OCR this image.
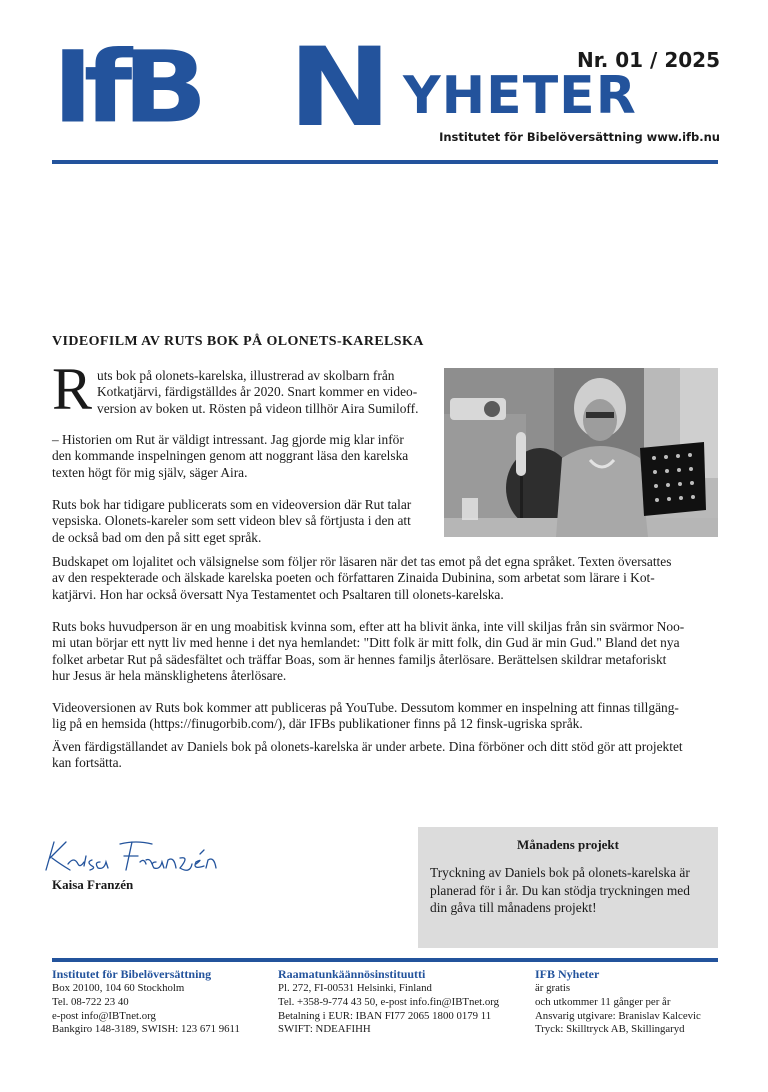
IfB N YHETER
Nr. 01 / 2025
Institutet för Bibelöversättning www.ifb.nu
VIDEOFILM AV RUTS BOK PÅ OLONETS-KARELSKA
R uts bok på olonets-karelska, illustrerad av skolbarn från
Kotkatjärvi, färdigställdes år 2020. Snart kommer en video-
version av boken ut. Rösten på videon tillhör Aira Sumiloff.
– Historien om Rut är väldigt intressant. Jag gjorde mig klar inför
den kommande inspelningen genom att noggrant läsa den karelska
texten högt för mig själv, säger Aira.
Ruts bok har tidigare publicerats som en videoversion där Rut talar
vepsiska. Olonets-kareler som sett videon blev så förtjusta i den att
de också bad om den på sitt eget språk.
Budskapet om lojalitet och välsignelse som följer rör läsaren när det tas emot på det egna språket. Texten översattes
av den respekterade och älskade karelska poeten och författaren Zinaida Dubinina, som arbetat som lärare i Kot-
katjärvi. Hon har också översatt Nya Testamentet och Psaltaren till olonets-karelska.
Ruts boks huvudperson är en ung moabitisk kvinna som, efter att ha blivit änka, inte vill skiljas från sin svärmor Noo-
mi utan börjar ett nytt liv med henne i det nya hemlandet: "Ditt folk är mitt folk, din Gud är min Gud." Bland det nya
folket arbetar Rut på sädesfältet och träffar Boas, som är hennes familjs återlösare. Berättelsen skildrar metaforiskt
hur Jesus är hela mänsklighetens återlösare.
Videoversionen av Ruts bok kommer att publiceras på YouTube. Dessutom kommer en inspelning att finnas tillgäng-
lig på en hemsida (https://finugorbib.com/), där IFBs publikationer finns på 12 finsk-ugriska språk.
Även färdigställandet av Daniels bok på olonets-karelska är under arbete. Dina förböner och ditt stöd gör att projektet
kan fortsätta.
Kaisa Franzén
Månadens projekt
Tryckning av Daniels bok på olonets-karelska är
planerad för i år. Du kan stödja tryckningen med
din gåva till månadens projekt!
Institutet för Bibelöversättning
Box 20100, 104 60 Stockholm
Tel. 08-722 23 40
e-post info@IBTnet.org
Bankgiro 148-3189, SWISH: 123 671 9611
Raamatunkäännösinstituutti
Pl. 272, FI-00531 Helsinki, Finland
Tel. +358-9-774 43 50, e-post info.fin@IBTnet.org
Betalning i EUR: IBAN FI77 2065 1800 0179 11
SWIFT: NDEAFIHH
IFB Nyheter
är gratis
och utkommer 11 gånger per år
Ansvarig utgivare: Branislav Kalcevic
Tryck: Skilltryck AB, Skillingaryd
